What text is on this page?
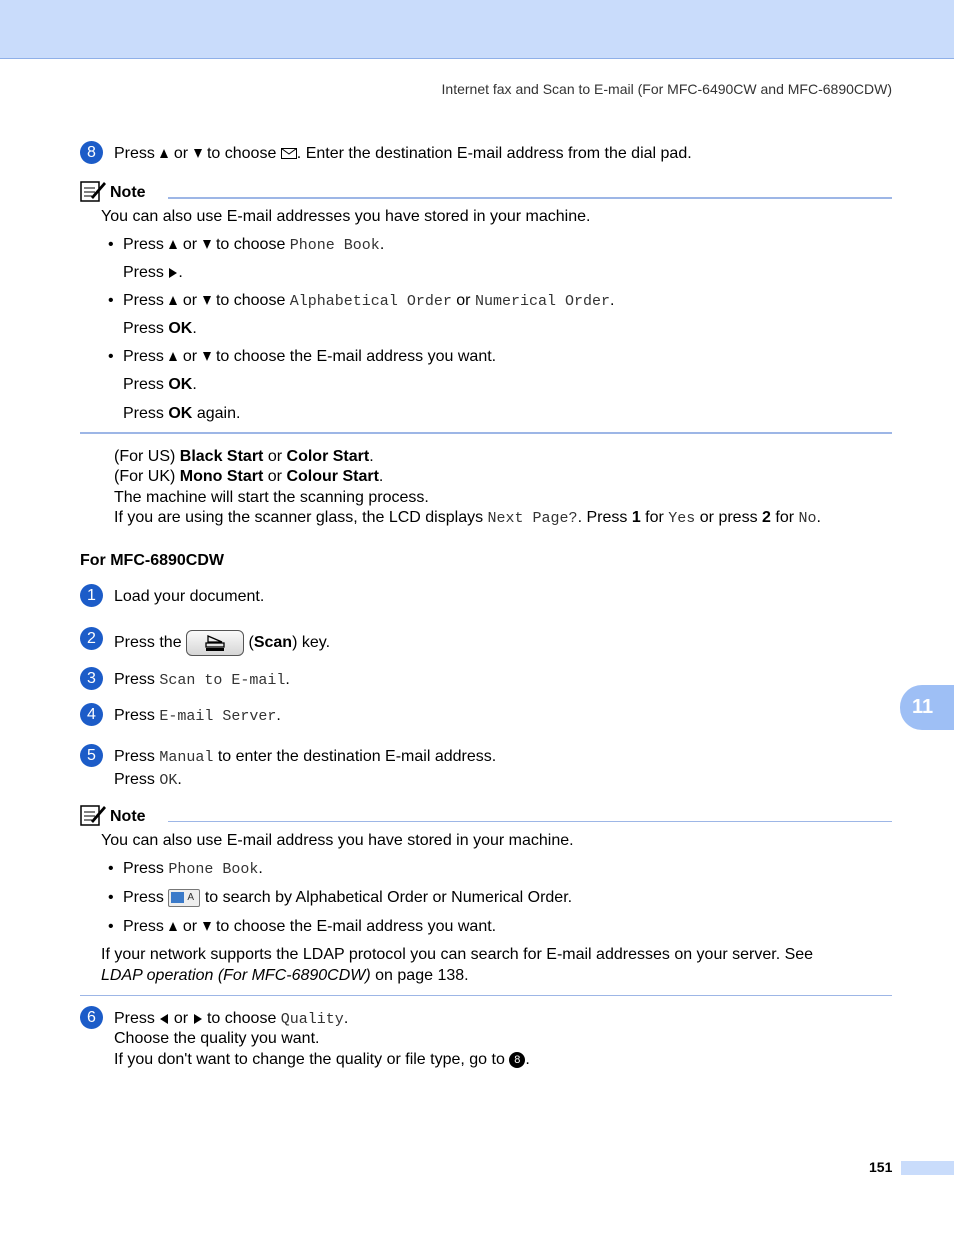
Internet fax and Scan to E-mail (For MFC-6490CW and MFC-6890CDW)
8	Press or to choose . Enter the destination E-mail address from the dial pad.
Note
You can also use E-mail addresses you have stored in your machine.
• Press or to choose Phone Book.
Press .
• Press or to choose Alphabetical Order or Numerical Order.
Press OK.
• Press or to choose the E-mail address you want.
Press OK.
Press OK again.
(For US) Black Start or Color Start.
(For UK) Mono Start or Colour Start.
The machine will start the scanning process.
If you are using the scanner glass, the LCD displays Next Page?. Press 1 for Yes or press 2 for No.
For MFC-6890CDW
1	Load your document.
2	Press the	(Scan) key.
3	Press Scan to E-mail.
4	Press E-mail Server.
5	Press Manual to enter the destination E-mail address.
Press OK.
Note
You can also use E-mail address you have stored in your machine.
• Press Phone Book.
• Press A to search by Alphabetical Order or Numerical Order.
• Press or to choose the E-mail address you want.
If your network supports the LDAP protocol you can search for E-mail addresses on your server. See
LDAP operation (For MFC-6890CDW) on page 138.
6	Press or to choose Quality.
Choose the quality you want.
If you don't want to change the quality or file type, go to 8 .
11
151
